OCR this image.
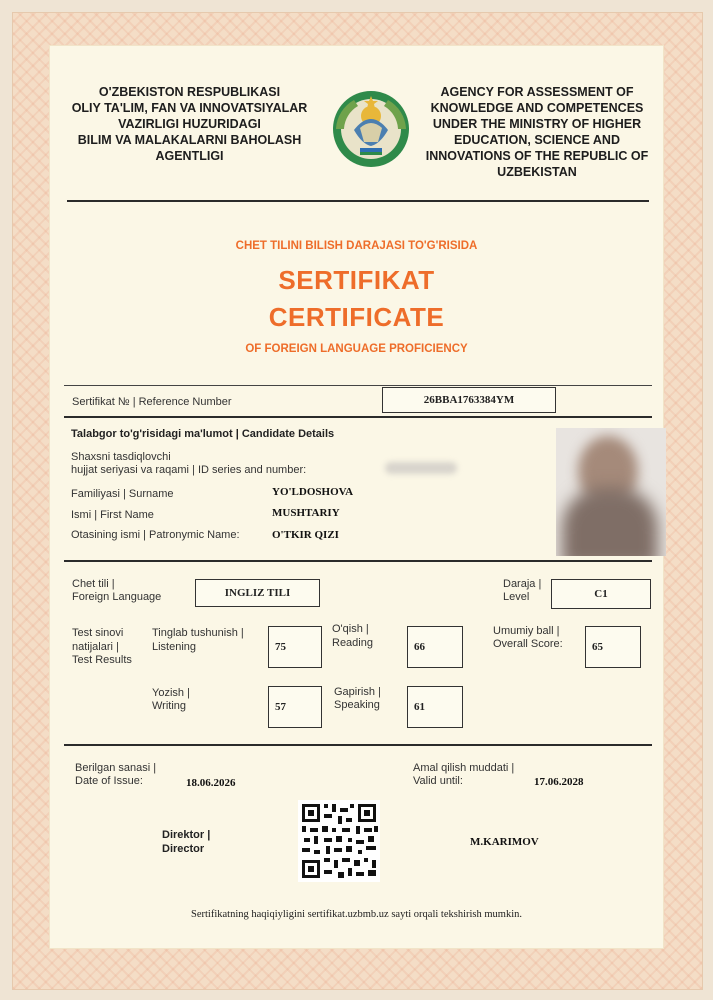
O'ZBEKISTON RESPUBLIKASI
OLIY TA'LIM, FAN VA INNOVATSIYALAR
VAZIRLIGI HUZURIDAGI
BILIM VA MALAKALARNI BAHOLASH
AGENTLIGI
AGENCY FOR ASSESSMENT OF
KNOWLEDGE AND COMPETENCES
UNDER THE MINISTRY OF HIGHER
EDUCATION, SCIENCE AND
INNOVATIONS OF THE REPUBLIC OF
UZBEKISTAN
CHET TILINI BILISH DARAJASI TO'G'RISIDA
SERTIFIKAT
CERTIFICATE
OF FOREIGN LANGUAGE PROFICIENCY
Sertifikat № | Reference Number	26BBA1763384YM
Talabgor to'g'risidagi ma'lumot | Candidate Details
Shaxsni tasdiqlovchi
hujjat seriyasi va raqami | ID series and number:
Familiyasi | Surname	YO'LDOSHOVA
Ismi | First Name	MUSHTARIY
Otasining ismi | Patronymic Name:	O'TKIR QIZI
Chet tili |
Foreign Language	INGLIZ TILI
Daraja |
Level	C1
Test sinovi
natijalari |
Test Results
Tinglab tushunish |
Listening	75
O'qish |
Reading	66
Umumiy ball |
Overall Score:	65
Yozish |
Writing	57
Gapirish |
Speaking	61
Berilgan sanasi |
Date of Issue:	18.06.2026
Amal qilish muddati |
Valid until:	17.06.2028
Direktor |
Director
M.KARIMOV
Sertifikatning haqiqiyligini sertifikat.uzbmb.uz sayti orqali tekshirish mumkin.
